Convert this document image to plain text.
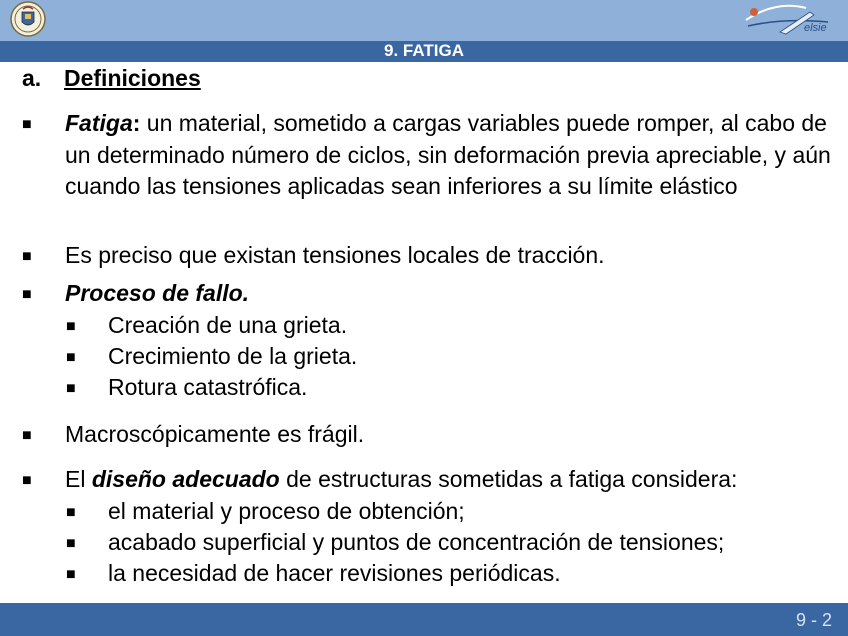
elsie
9. FATIGA
a. Definiciones
■ Fatiga: un material, sometido a cargas variables puede romper, al cabo de un determinado número de ciclos, sin deformación previa apreciable, y aún cuando las tensiones aplicadas sean inferiores a su límite elástico
■ Es preciso que existan tensiones locales de tracción.
■ Proceso de fallo.
■ Creación de una grieta.
■ Crecimiento de la grieta.
■ Rotura catastrófica.
■ Macroscópicamente es frágil.
■ El diseño adecuado de estructuras sometidas a fatiga considera:
■ el material y proceso de obtención;
■ acabado superficial y puntos de concentración de tensiones;
■ la necesidad de hacer revisiones periódicas.
9 - 2
